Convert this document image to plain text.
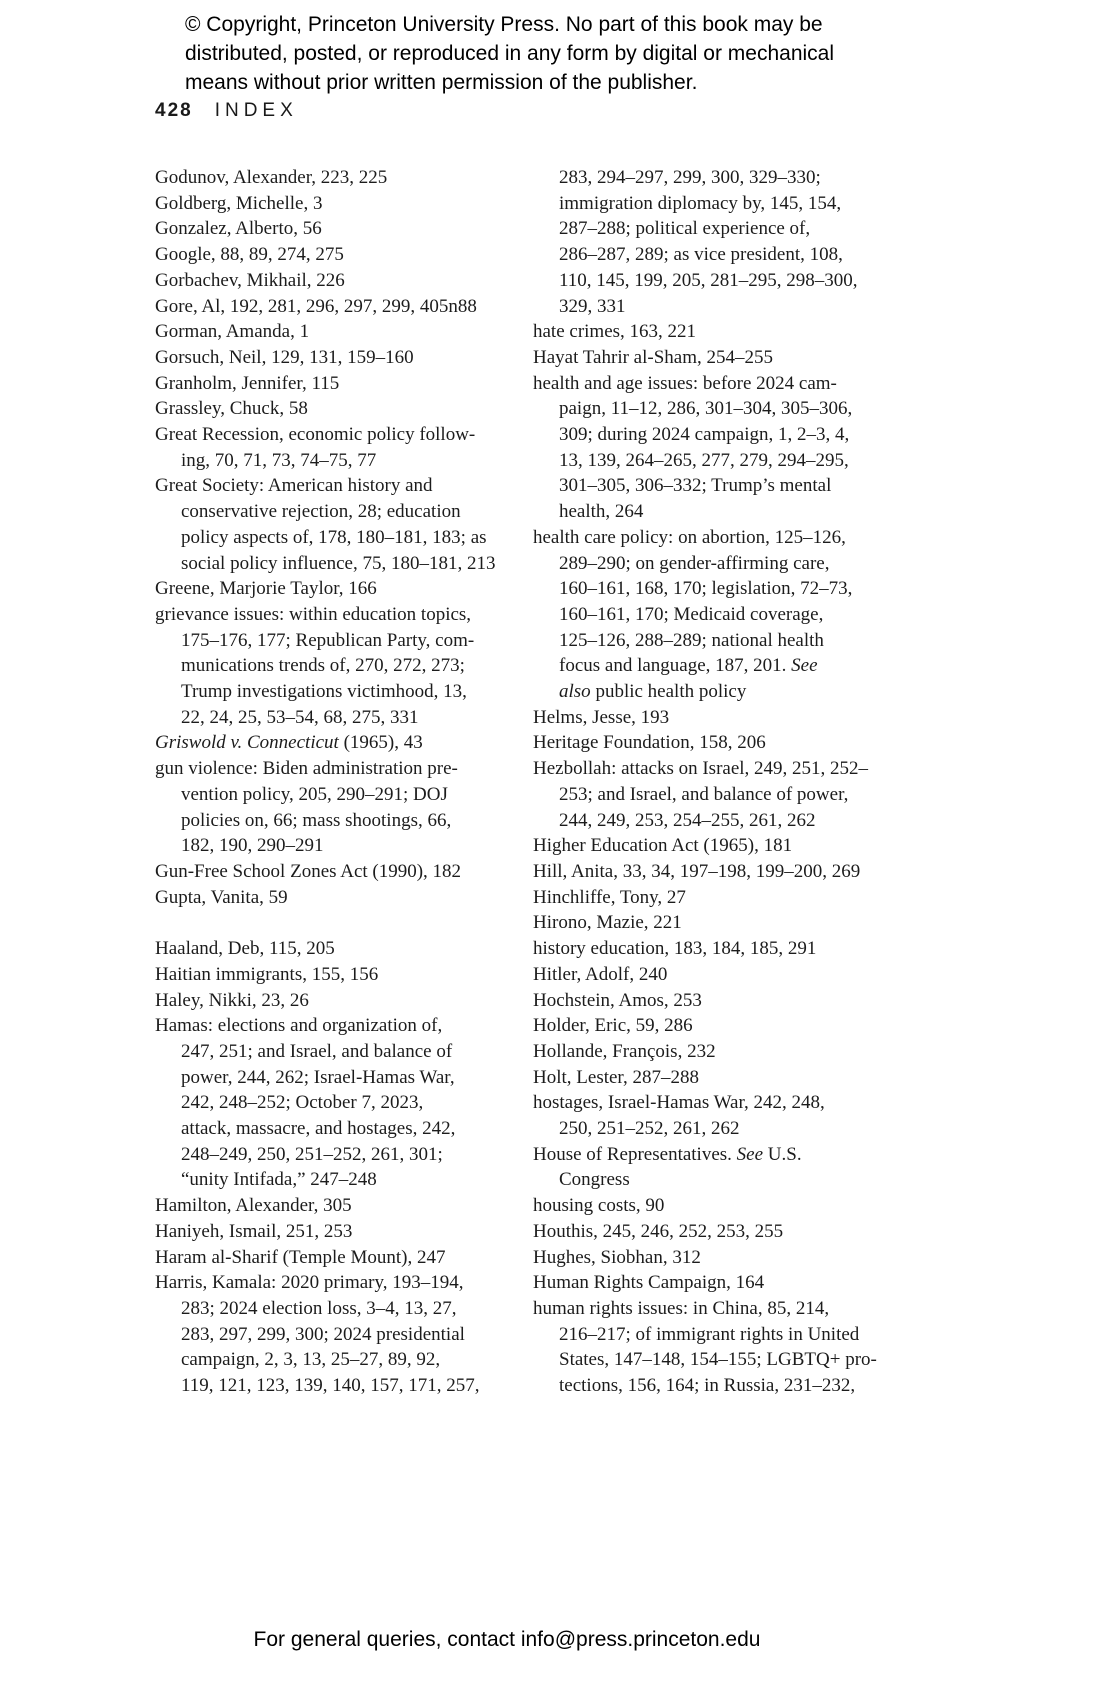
© Copyright, Princeton University Press. No part of this book may be
distributed, posted, or reproduced in any form by digital or mechanical
means without prior written permission of the publisher.
428 INDEX
Godunov, Alexander, 223, 225
Goldberg, Michelle, 3
Gonzalez, Alberto, 56
Google, 88, 89, 274, 275
Gorbachev, Mikhail, 226
Gore, Al, 192, 281, 296, 297, 299, 405n88
Gorman, Amanda, 1
Gorsuch, Neil, 129, 131, 159–160
Granholm, Jennifer, 115
Grassley, Chuck, 58
Great Recession, economic policy follow-
ing, 70, 71, 73, 74–75, 77
Great Society: American history and
conservative rejection, 28; education
policy aspects of, 178, 180–181, 183; as
social policy influence, 75, 180–181, 213
Greene, Marjorie Taylor, 166
grievance issues: within education topics,
175–176, 177; Republican Party, com-
munications trends of, 270, 272, 273;
Trump investigations victimhood, 13,
22, 24, 25, 53–54, 68, 275, 331
Griswold v. Connecticut (1965), 43
gun violence: Biden administration pre-
vention policy, 205, 290–291; DOJ
policies on, 66; mass shootings, 66,
182, 190, 290–291
Gun-Free School Zones Act (1990), 182
Gupta, Vanita, 59

Haaland, Deb, 115, 205
Haitian immigrants, 155, 156
Haley, Nikki, 23, 26
Hamas: elections and organization of,
247, 251; and Israel, and balance of
power, 244, 262; Israel-Hamas War,
242, 248–252; October 7, 2023,
attack, massacre, and hostages, 242,
248–249, 250, 251–252, 261, 301;
“unity Intifada,” 247–248
Hamilton, Alexander, 305
Haniyeh, Ismail, 251, 253
Haram al-Sharif (Temple Mount), 247
Harris, Kamala: 2020 primary, 193–194,
283; 2024 election loss, 3–4, 13, 27,
283, 297, 299, 300; 2024 presidential
campaign, 2, 3, 13, 25–27, 89, 92,
119, 121, 123, 139, 140, 157, 171, 257,
283, 294–297, 299, 300, 329–330;
immigration diplomacy by, 145, 154,
287–288; political experience of,
286–287, 289; as vice president, 108,
110, 145, 199, 205, 281–295, 298–300,
329, 331
hate crimes, 163, 221
Hayat Tahrir al-Sham, 254–255
health and age issues: before 2024 cam-
paign, 11–12, 286, 301–304, 305–306,
309; during 2024 campaign, 1, 2–3, 4,
13, 139, 264–265, 277, 279, 294–295,
301–305, 306–332; Trump’s mental
health, 264
health care policy: on abortion, 125–126,
289–290; on gender-affirming care,
160–161, 168, 170; legislation, 72–73,
160–161, 170; Medicaid coverage,
125–126, 288–289; national health
focus and language, 187, 201. See
also public health policy
Helms, Jesse, 193
Heritage Foundation, 158, 206
Hezbollah: attacks on Israel, 249, 251, 252–
253; and Israel, and balance of power,
244, 249, 253, 254–255, 261, 262
Higher Education Act (1965), 181
Hill, Anita, 33, 34, 197–198, 199–200, 269
Hinchliffe, Tony, 27
Hirono, Mazie, 221
history education, 183, 184, 185, 291
Hitler, Adolf, 240
Hochstein, Amos, 253
Holder, Eric, 59, 286
Hollande, François, 232
Holt, Lester, 287–288
hostages, Israel-Hamas War, 242, 248,
250, 251–252, 261, 262
House of Representatives. See U.S.
Congress
housing costs, 90
Houthis, 245, 246, 252, 253, 255
Hughes, Siobhan, 312
Human Rights Campaign, 164
human rights issues: in China, 85, 214,
216–217; of immigrant rights in United
States, 147–148, 154–155; LGBTQ+ pro-
tections, 156, 164; in Russia, 231–232,
For general queries, contact info@press.princeton.edu
